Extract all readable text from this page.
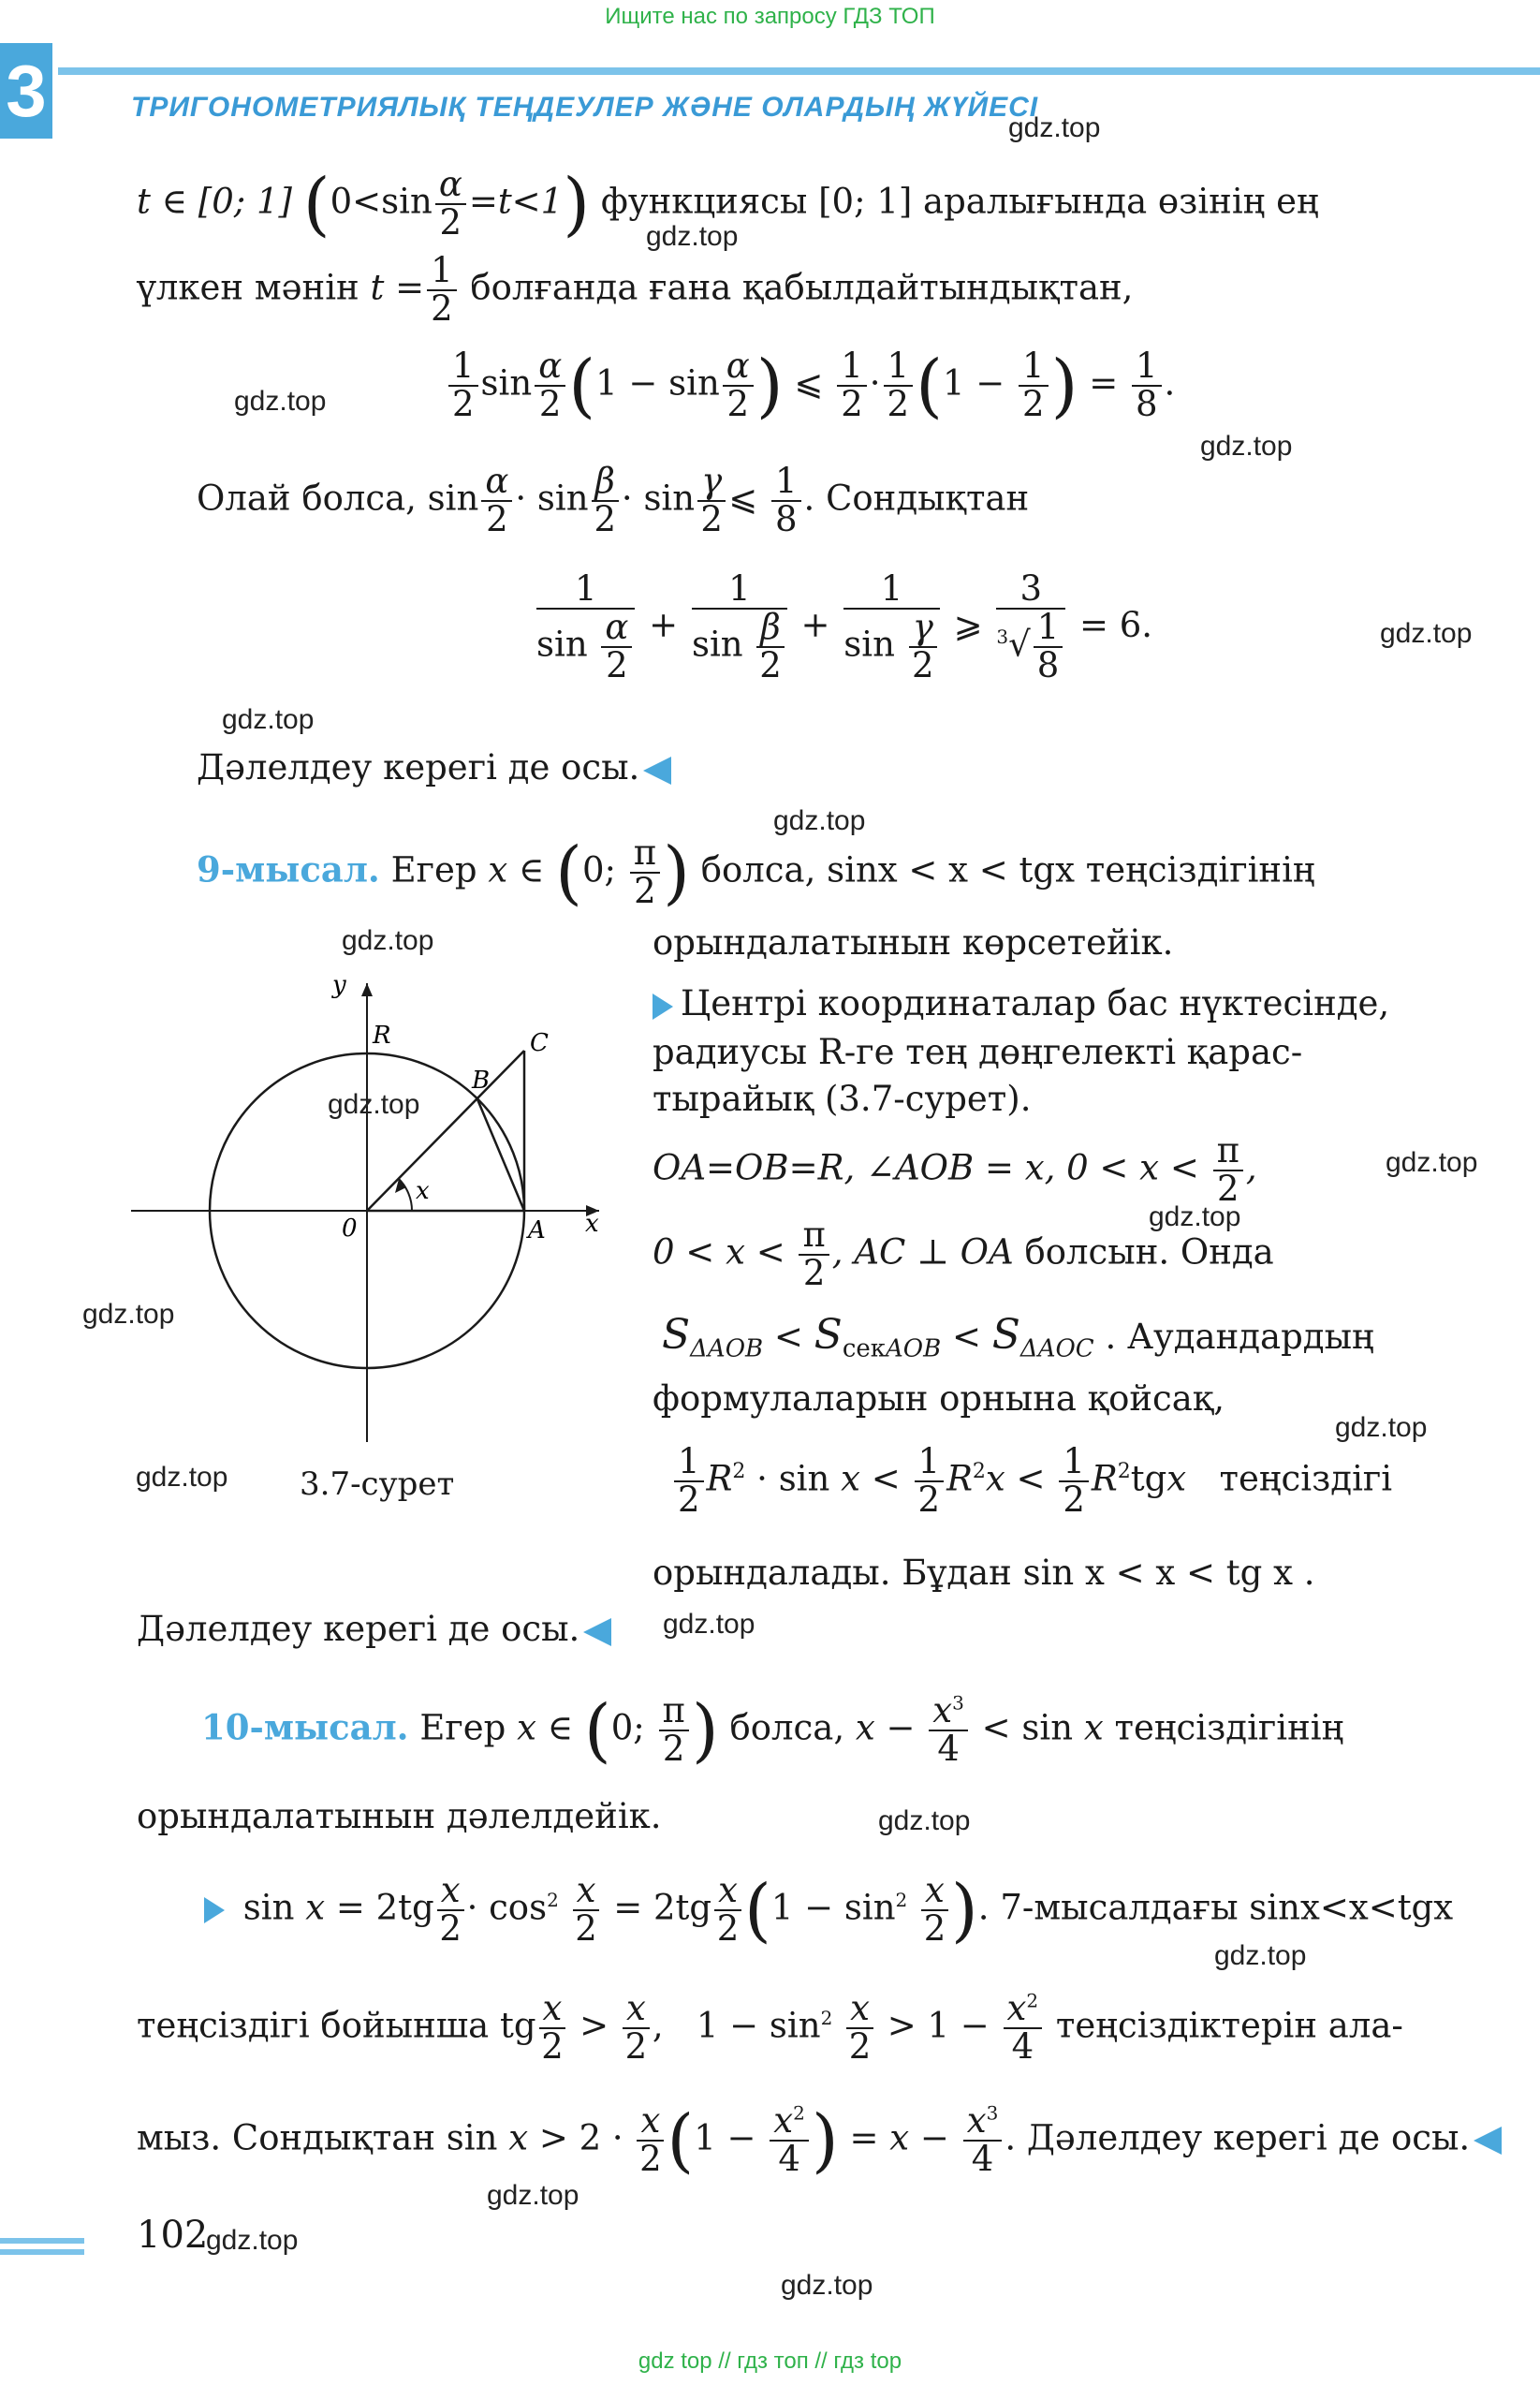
Ищите нас по запросу ГДЗ ТОП
3	ТРИГОНОМЕТРИЯЛЫҚ ТЕҢДЕУЛЕР ЖӘНЕ ОЛАРДЫҢ ЖҮЙЕСІ
t ∈ [0; 1] $(0<\sin \frac{\alpha}{2} =t<1)$ функциясы [0; 1] аралығында өзінің ең
үлкен мәнін $t = \frac{1}{2}$ болғанда ғана қабылдайтындықтан,
$\frac{1}{2}$ $\sin \frac{\alpha}{2} (1 - \sin \frac{\alpha}{2}$ ) ⩽ $\frac{1}{2} \cdot \frac{1}{2} (1 - \frac{1}{2}$ ) = $\frac{1}{8}$ .
Олай болса, $\sin \frac{\alpha}{2} \cdot \sin \frac{\beta}{2} \cdot \sin \frac{\gamma}{2}$ ⩽ $\frac{1}{8}$ . Сондықтан
$\frac{1}{\sin \frac{\alpha}{2}} + \frac{1}{\sin \frac{\beta}{2}} + \frac{1}{\sin \frac{\gamma}{2}}$ ⩾ $\frac{3}{^3√ \frac{1}{8}} = 6$.
Дәлелдеу керегі де осы.
9-мысал. Егер x ∈ (0; $\frac{\pi}{2}$ ) болса, sinx < x < tgx теңсіздігінің
орындалатынын көрсетейік.
y
x
0	A
B
C
R
x
3.7-сурет
Центрі координаталар бас нүктесінде,
радиусы R-ге тең дөңгелекті қарас-
тырайық (3.7-сурет).
OA=OB=R, ∠AOB = x, $0 < x < \frac{\pi}{2}$ ,
$0 < x < \frac{\pi}{2}$ , AC ⊥ OA болсын. Онда
$S_{\Delta AOB} < S_{секAOB} < S_{\Delta AOC}$ . Аудандардың
формулаларын орнына қойсақ,
$\frac{1}{2} R^2 \cdot \sin x < \frac{1}{2} R^2x < \frac{1}{2} R^2tgx$ теңсіздігі
орындалады. Бұдан sin x < x < tg x .
Дәлелдеу керегі де осы.
10-мысал. Егер x ∈ (0; $\frac{\pi}{2}$ ) болса, $x - \frac{x^3}{4} < \sin x$ теңсіздігінің
орындалатынын дәлелдейік.
$\sin x = 2tg \frac{x}{2} \cdot \cos^2 \frac{x}{2} = 2tg \frac{x}{2} (1 - \sin^2 \frac{x}{2}$ ). 7-мысалдағы sinx<x<tgx
теңсіздігі бойынша tg $\frac{x}{2} > \frac{x}{2}$ ,   $1 - \sin^2 \frac{x}{2} > 1 - \frac{x^2}{4}$ теңсіздіктерін ала-
мыз. Сондықтан $\sin x > 2 \cdot \frac{x}{2} (1 - \frac{x^2}{4}$ ) = $x - \frac{x^3}{4}$ . Дәлелдеу керегі де осы.
102
gdz.top
gdz.top
gdz.top
gdz.top
gdz.top
gdz.top
gdz.top
gdz.top
gdz.top
gdz.top
gdz.top
gdz.top
gdz.top
gdz.top
gdz.top
gdz.top
gdz.top
gdz.top
gdz.top
gdz.top
gdz top // гдз топ // гдз top
